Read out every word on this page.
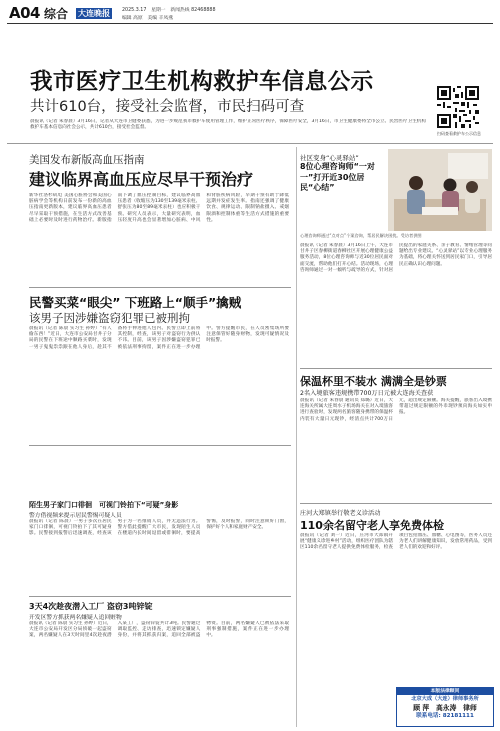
A04 综合 大连晚报	2025.3.17　星期一　新闻热线 82468888
编辑 高原　美编 辛凤燕
我市医疗卫生机构救护车信息公示
共计610台，接受社会监督，市民扫码可查
晨报讯（记者 朱春晨）3月16日，记者从大连市卫健委获悉，为进一步规范我市救护车使用管理工作，维护正常医疗秩序，保障医疗安全，3月16日，市卫生健康委将全市公立、民营医疗卫生机构救护车基本信息向社会公示，共计610台，接受社会监督。
扫码查看救护车公示信息
美国发布新版高血压指南
建议临界高血压应尽早干预治疗
新华社洛杉矶电 美国心脏协会和美国心脏病学会等机构日前发布一份新的高血压指南更新版本，建议临界高血压患者尽早采取干预措施，在生活方式改善基础上必要时及时进行药物治疗。新版指南下调了血压控制目标，建议临界高血压患者（收缩压为130至139毫米汞柱、舒张压为80至89毫米汞柱）也应积极干预。研究人员表示，大量研究表明，血压轻度升高也会显著增加心脏病、中风和肾脏疾病风险，早期干预有助于降低远期并发症发生率。指南还强调了健康饮食、规律运动、限制钠盐摄入、戒烟限酒和控制体重等生活方式措施的重要性。
民警买菜“眼尖” 下班路上“顺手”擒贼
该男子因涉嫌盗窃犯罪已被刑拘
晨报讯（记者 陈晨 实习生 孙婷）“有人偷东西！”近日，大连市公安局甘井子分局的民警在下班途中顺路买菜时，发现一男子鬼鬼祟祟跟在他人身后，趁其不备将手伸进他人包内。民警立即上前将其控制，经查，该男子对盗窃行为供认不讳。目前，该男子因涉嫌盗窃犯罪已被依法刑事拘留，案件正在进一步办理中。警方提醒市民，在人员密集场所要注意保管好随身财物，发现可疑情况及时报警。
陌生男子家门口徘徊　可视门铃拍下“可疑”身影
警方借视频来提示居民警惕可疑人员
晨报讯（记者 陈晨）一男子多次在居民家门口徘徊，可视门铃拍下了其可疑身影。民警接到报警后迅速调查，经查该男子为一名推销人员，并无违法行为。警方借此提醒广大市民，发现陌生人员在楼道内长时间逗留或徘徊时，要提高警惕，及时报警，同时注意锁好门窗，保护好个人和家庭财产安全。
3天4次趁夜潜入工厂 盗窃3吨锌锭
开发区警方抓获两名嫌疑人追回赃物
晨报讯（记者 陈晨 实习生 孙婷）近日，大连市公安局开发区分局侦破一起盗窃案，两名嫌疑人在3天时间里4次趁夜潜入某工厂，盗窃锌锭共计3吨。民警通过调取监控、走访排查，迅速锁定嫌疑人身份，并将其抓获归案，追回全部被盗物资。目前，两名嫌疑人已被依法采取刑事强制措施，案件正在进一步办理中。
社区变身“心灵驿站”
8位心理咨询师“一对一”打开近30位居民“心结”
心理咨询师通过“点对点”个案咨询，帮居民解决困扰。受访者供图
晨报讯（记者 朱春晨）3月16日上午，大连市甘井子区春柳街道春柳社区开展心理健康公益服务活动，8位心理咨询师与近30位居民面对面交流，帮助他们打开心结。活动现场，心理咨询师通过一对一倾听与疏导的方式，针对居民提出的家庭关系、亲子教育、情绪管理等问题给出专业建议。“心灵驿站”以专业心理服务为基础，将心理关怀送到居民家门口，引导居民正确认识心理问题。
保温杯里不装水 满满全是钞票
2名入境旅客违规携带700万日元被大连海关查获
晨报讯（记者 朱春晨 通讯员 郑璐）近日，大连海关所属大连周水子机场海关在对入境旅客进行查验时，发现两名旅客随身携带的保温杯内装有大量日元现钞，经清点共计700万日元，超出规定限额。海关提醒，旅客出入境携带超过规定限额的外币现钞须向海关如实申报。
庄河大郑镇举行敬老义诊活动
110余名留守老人享免费体检
晨报讯（记者 刘一）近日，庄河市大郑镇开展“健康义诊进乡村”活动，组织医疗团队为辖区110余名留守老人提供免费体检服务，检查项目包括血压、血糖、心电图等，医务人员还为老人们讲解健康知识，发放常用药品，受到老人们的欢迎和好评。
本版法律顾问
北京大成（大连）律师事务所
顾 萍　高永涛　律师
联系电话: 82181111
